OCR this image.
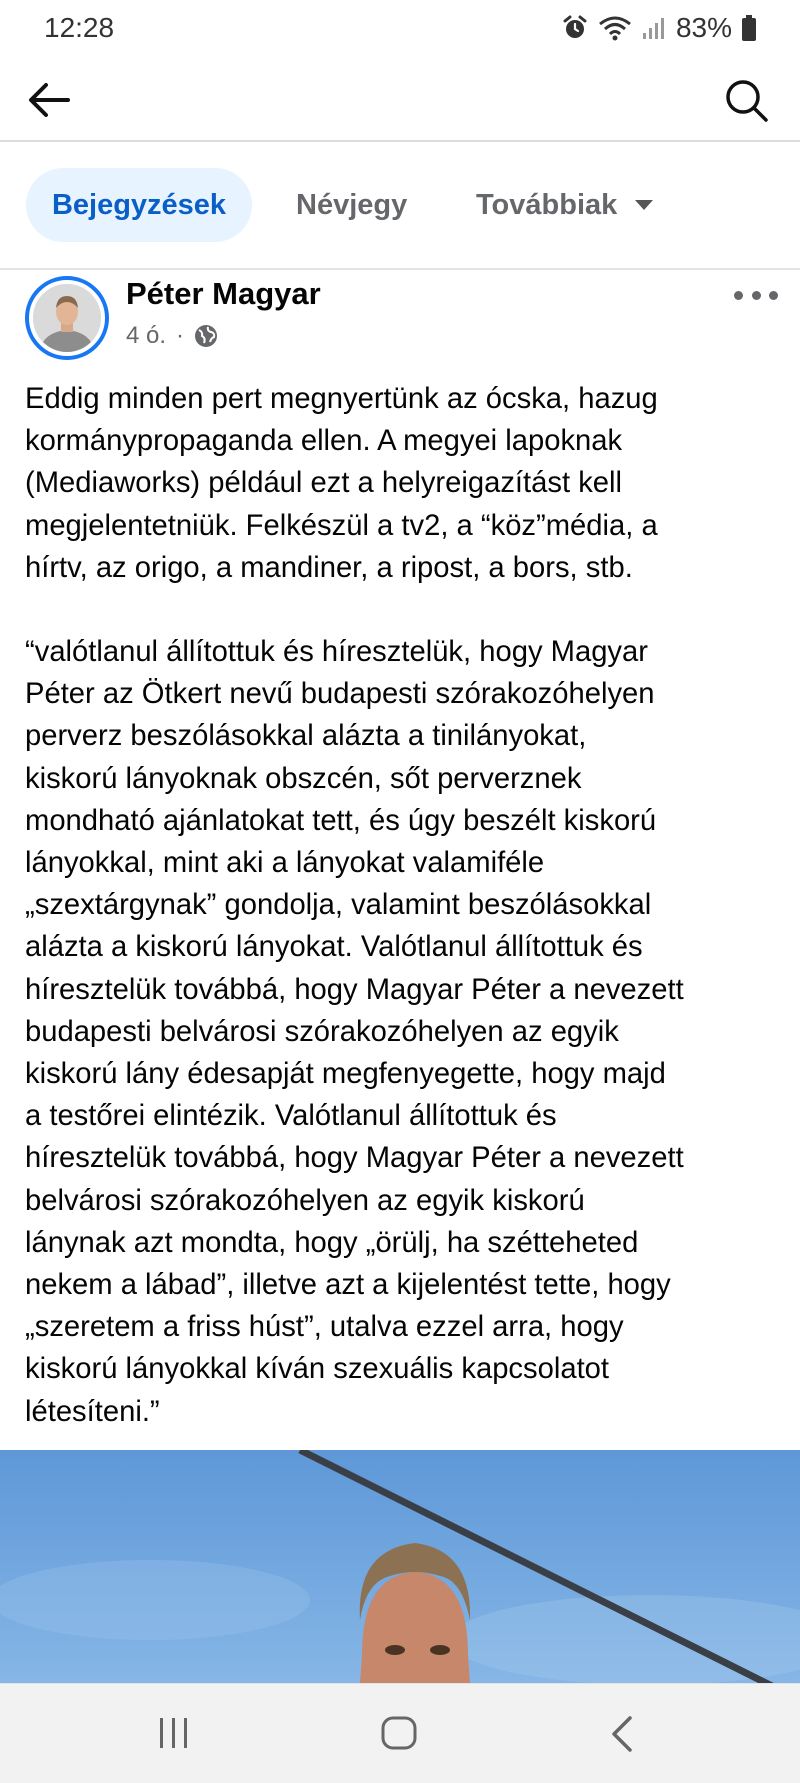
12:28	83%
Bejegyzések Névjegy Továbbiak
Péter Magyar
4 ó. ·

Eddig minden pert megnyertünk az ócska, hazug
kormánypropaganda ellen. A megyei lapoknak
(Mediaworks) például ezt a helyreigazítást kell
megjelentetniük. Felkészül a tv2, a “köz”média, a
hírtv, az origo, a mandiner, a ripost, a bors, stb.

“valótlanul állítottuk és híresztelük, hogy Magyar
Péter az Ötkert nevű budapesti szórakozóhelyen
perverz beszólásokkal alázta a tinilányokat,
kiskorú lányoknak obszcén, sőt perverznek
mondható ajánlatokat tett, és úgy beszélt kiskorú
lányokkal, mint aki a lányokat valamiféle
„szextárgynak” gondolja, valamint beszólásokkal
alázta a kiskorú lányokat. Valótlanul állítottuk és
híresztelük továbbá, hogy Magyar Péter a nevezett
budapesti belvárosi szórakozóhelyen az egyik
kiskorú lány édesapját megfenyegette, hogy majd
a testőrei elintézik. Valótlanul állítottuk és
híresztelük továbbá, hogy Magyar Péter a nevezett
belvárosi szórakozóhelyen az egyik kiskorú
lánynak azt mondta, hogy „örülj, ha szétteheted
nekem a lábad”, illetve azt a kijelentést tette, hogy
„szeretem a friss húst”, utalva ezzel arra, hogy
kiskorú lányokkal kíván szexuális kapcsolatot
létesíteni.”
